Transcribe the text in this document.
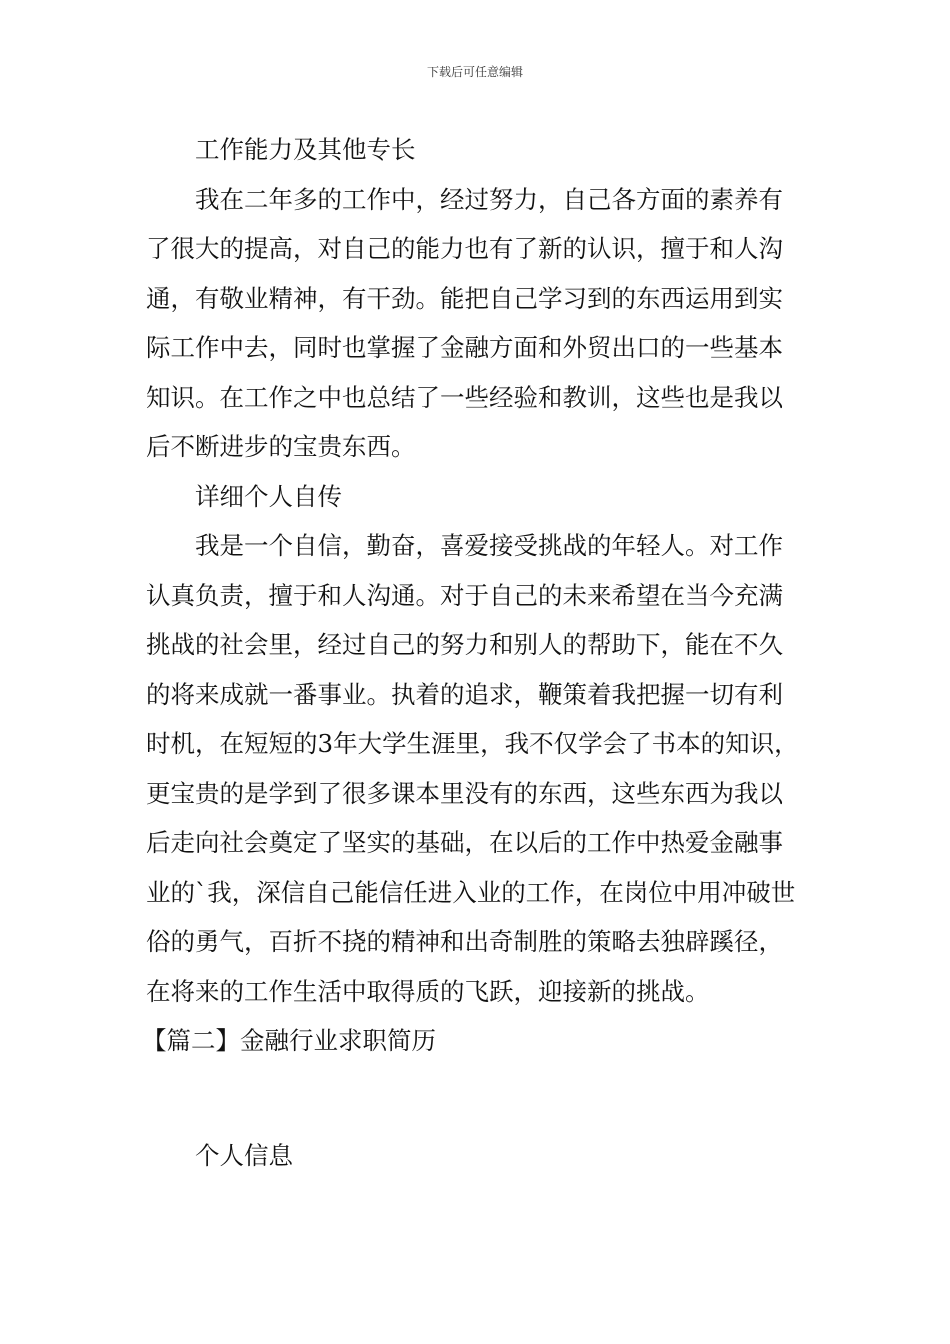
下载后可任意编辑

工作能力及其他专长

我在二年多的工作中，经过努力，自己各方面的素养有了很大的提高，对自己的能力也有了新的认识，擅于和人沟通，有敬业精神，有干劲。能把自己学习到的东西运用到实际工作中去，同时也掌握了金融方面和外贸出口的一些基本知识。在工作之中也总结了一些经验和教训，这些也是我以后不断进步的宝贵东西。

详细个人自传

我是一个自信，勤奋，喜爱接受挑战的年轻人。对工作认真负责，擅于和人沟通。对于自己的未来希望在当今充满挑战的社会里，经过自己的努力和别人的帮助下，能在不久的将来成就一番事业。执着的追求，鞭策着我把握一切有利时机，在短短的3年大学生涯里，我不仅学会了书本的知识，更宝贵的是学到了很多课本里没有的东西，这些东西为我以后走向社会奠定了坚实的基础，在以后的工作中热爱金融事业的`我，深信自己能信任进入业的工作，在岗位中用冲破世俗的勇气，百折不挠的精神和出奇制胜的策略去独辟蹊径，在将来的工作生活中取得质的飞跃，迎接新的挑战。

【篇二】金融行业求职简历

个人信息
